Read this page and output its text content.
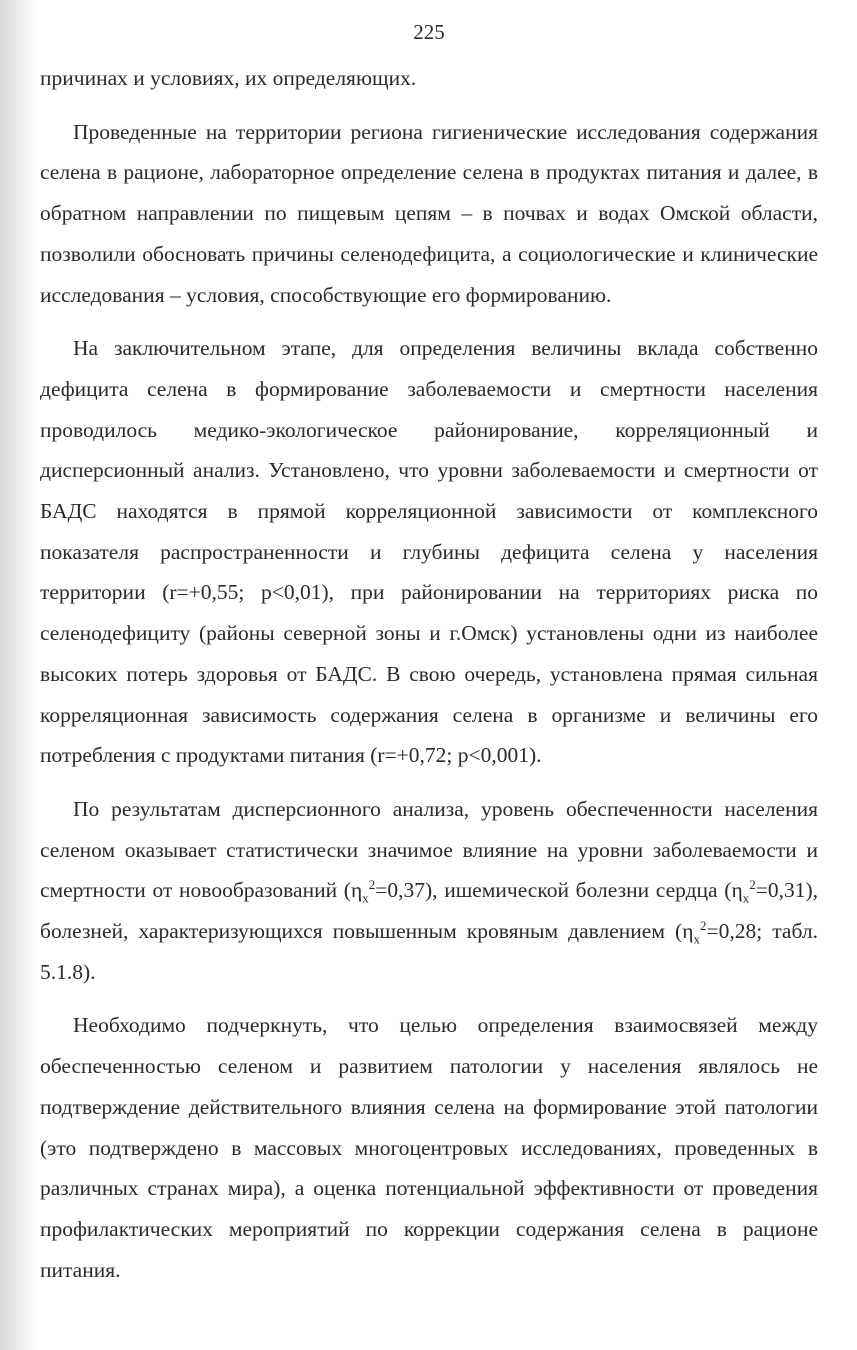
225

причинах и условиях, их определяющих.

Проведенные на территории региона гигиенические исследования содержания селена в рационе, лабораторное определение селена в продуктах питания и далее, в обратном направлении по пищевым цепям – в почвах и водах Омской области, позволили обосновать причины селенодефицита, а социологические и клинические исследования – условия, способствующие его формированию.

На заключительном этапе, для определения величины вклада собственно дефицита селена в формирование заболеваемости и смертности населения проводилось медико-экологическое районирование, корреляционный и дисперсионный анализ. Установлено, что уровни заболеваемости и смертности от БАДС находятся в прямой корреляционной зависимости от комплексного показателя распространенности и глубины дефицита селена у населения территории (r=+0,55; p<0,01), при районировании на территориях риска по селенодефициту (районы северной зоны и г.Омск) установлены одни из наиболее высоких потерь здоровья от БАДС. В свою очередь, установлена прямая сильная корреляционная зависимость содержания селена в организме и величины его потребления с продуктами питания (r=+0,72; p<0,001).

По результатам дисперсионного анализа, уровень обеспеченности населения селеном оказывает статистически значимое влияние на уровни заболеваемости и смертности от новообразований $(\eta_x^2=0,37)$, ишемической болезни сердца $(\eta_x^2=0,31)$, болезней, характеризующихся повышенным кровяным давлением ($\eta_x^2=0,28$; табл. 5.1.8).

Необходимо подчеркнуть, что целью определения взаимосвязей между обеспеченностью селеном и развитием патологии у населения являлось не подтверждение действительного влияния селена на формирование этой патологии (это подтверждено в массовых многоцентровых исследованиях, проведенных в различных странах мира), а оценка потенциальной эффективности от проведения профилактических мероприятий по коррекции содержания селена в рационе питания.
